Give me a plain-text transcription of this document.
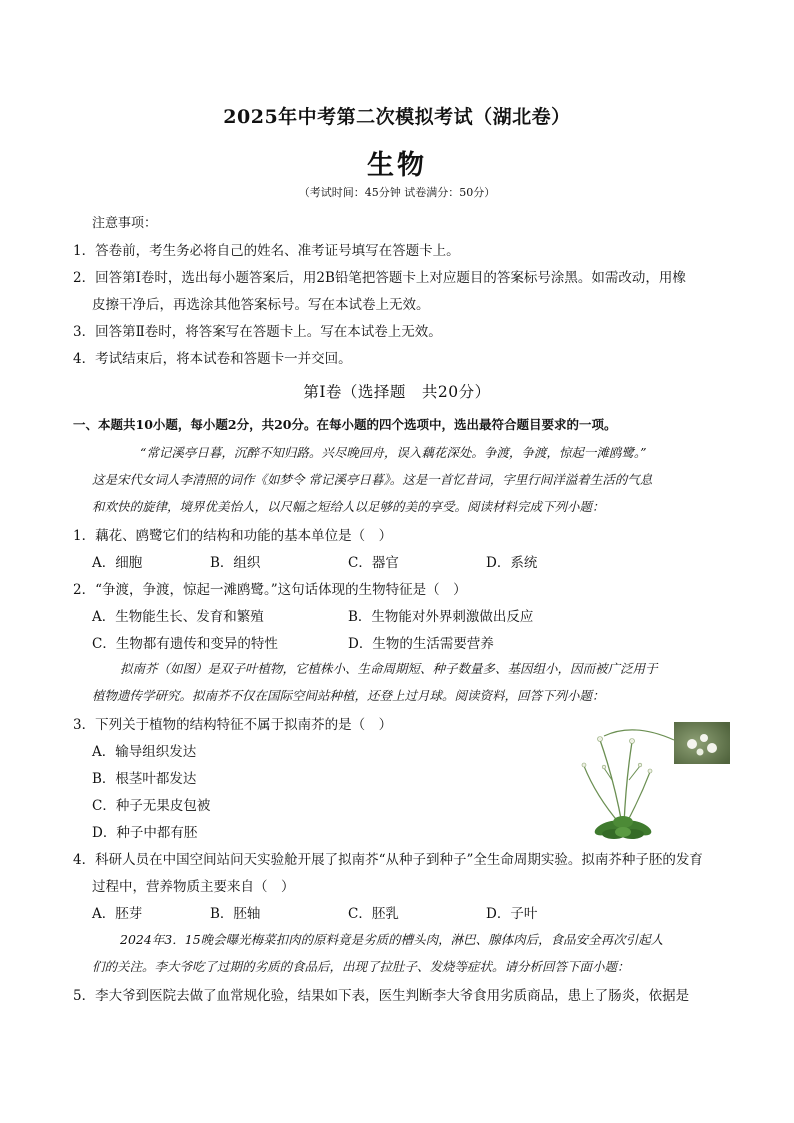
2025年中考第二次模拟考试（湖北卷）
生物
（考试时间：45分钟 试卷满分：50分）
注意事项：
1．答卷前，考生务必将自己的姓名、准考证号填写在答题卡上。
2．回答第Ⅰ卷时，选出每小题答案后，用2B铅笔把答题卡上对应题目的答案标号涂黑。如需改动，用橡
皮擦干净后，再选涂其他答案标号。写在本试卷上无效。
3．回答第Ⅱ卷时，将答案写在答题卡上。写在本试卷上无效。
4．考试结束后，将本试卷和答题卡一并交回。
第Ⅰ卷（选择题　共20分）
一、本题共10小题，每小题2分，共20分。在每小题的四个选项中，选出最符合题目要求的一项。
“常记溪亭日暮，沉醉不知归路。兴尽晚回舟，误入藕花深处。争渡，争渡，惊起一滩鸥鹭。”
这是宋代女词人李清照的词作《如梦令 常记溪亭日暮》。这是一首忆昔词，字里行间洋溢着生活的气息
和欢快的旋律，境界优美怡人，以尺幅之短给人以足够的美的享受。阅读材料完成下列小题：
1．藕花、鸥鹭它们的结构和功能的基本单位是（　）
A．细胞	B．组织	C．器官	D．系统
2．“争渡，争渡，惊起一滩鸥鹭。”这句话体现的生物特征是（　）
A．生物能生长、发育和繁殖	B．生物能对外界刺激做出反应
C．生物都有遗传和变异的特性	D．生物的生活需要营养
拟南芥（如图）是双子叶植物，它植株小、生命周期短、种子数量多、基因组小，因而被广泛用于
植物遗传学研究。拟南芥不仅在国际空间站种植，还登上过月球。阅读资料，回答下列小题：
3．下列关于植物的结构特征不属于拟南芥的是（　）
A．输导组织发达
B．根茎叶都发达
C．种子无果皮包被
D．种子中都有胚
4．科研人员在中国空间站问天实验舱开展了拟南芥“从种子到种子”全生命周期实验。拟南芥种子胚的发育
过程中，营养物质主要来自（　）
A．胚芽	B．胚轴	C．胚乳	D．子叶
2024年3．15晚会曝光梅菜扣肉的原料竟是劣质的槽头肉，淋巴、腺体肉后，食品安全再次引起人
们的关注。李大爷吃了过期的劣质的食品后，出现了拉肚子、发烧等症状。请分析回答下面小题：
5．李大爷到医院去做了血常规化验，结果如下表，医生判断李大爷食用劣质商品，患上了肠炎，依据是
